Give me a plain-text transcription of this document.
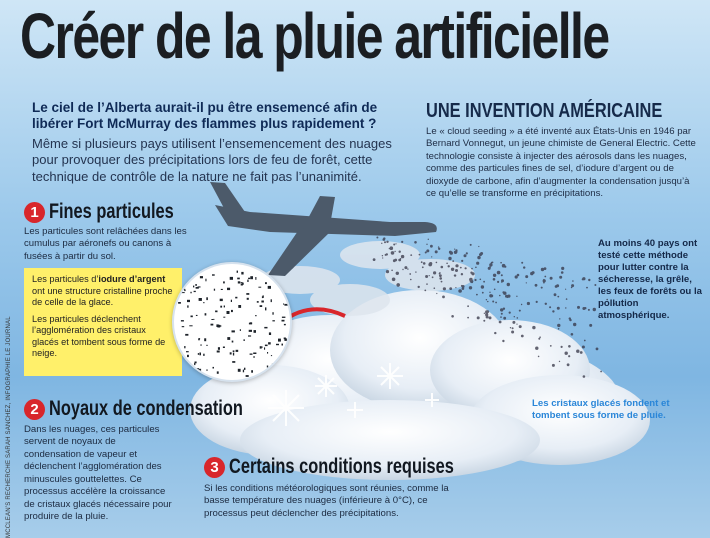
Créer de la pluie artificielle
Le ciel de l’Alberta aurait-il pu être ensemencé afin de libérer Fort McMurray des flammes plus rapidement ?
Même si plusieurs pays utilisent l’ensemencement des nuages pour provoquer des précipitations lors de feu de forêt, cette technique de contrôle de la nature ne fait pas l’unanimité.
UNE INVENTION AMÉRICAINE
Le « cloud seeding » a été inventé aux États-Unis en 1946 par Bernard Vonnegut, un jeune chimiste de General Electric. Cette technologie consiste à injecter des aérosols dans les nuages, comme des particules fines de sel, d’iodure d’argent ou de dioxyde de carbone, afin d’augmenter la condensation jusqu’à ce qu’elle se transforme en précipitations.
1 Fines particules
Les particules sont relâchées dans les cumulus par aéronefs ou canons à fusées à partir du sol.

Les particules d’iodure d’argent ont une structure cristalline proche de celle de la glace.

Les particules déclenchent l’agglomération des cristaux glacés et tombent sous forme de neige.

2 Noyaux de condensation
Dans les nuages, ces particules servent de noyaux de condensation de vapeur et déclenchent l’agglomération des minuscules gouttelettes. Ce processus accélère la croissance de cristaux glacés nécessaire pour produire de la pluie.
3 Certains conditions requises
Si les conditions météorologiques sont réunies, comme la basse température des nuages (inférieure à 0°C), ce processus peut déclencher des précipitations.
Au moins 40 pays ont testé cette méthode pour lutter contre la sécheresse, la grêle, les feux de forêts ou la pollution atmosphérique.
Les cristaux glacés fondent et tombent sous forme de pluie.
MCCLEAN’S RECHERCHE SARAH SANCHEZ, INFOGRAPHIE LE JOURNAL
